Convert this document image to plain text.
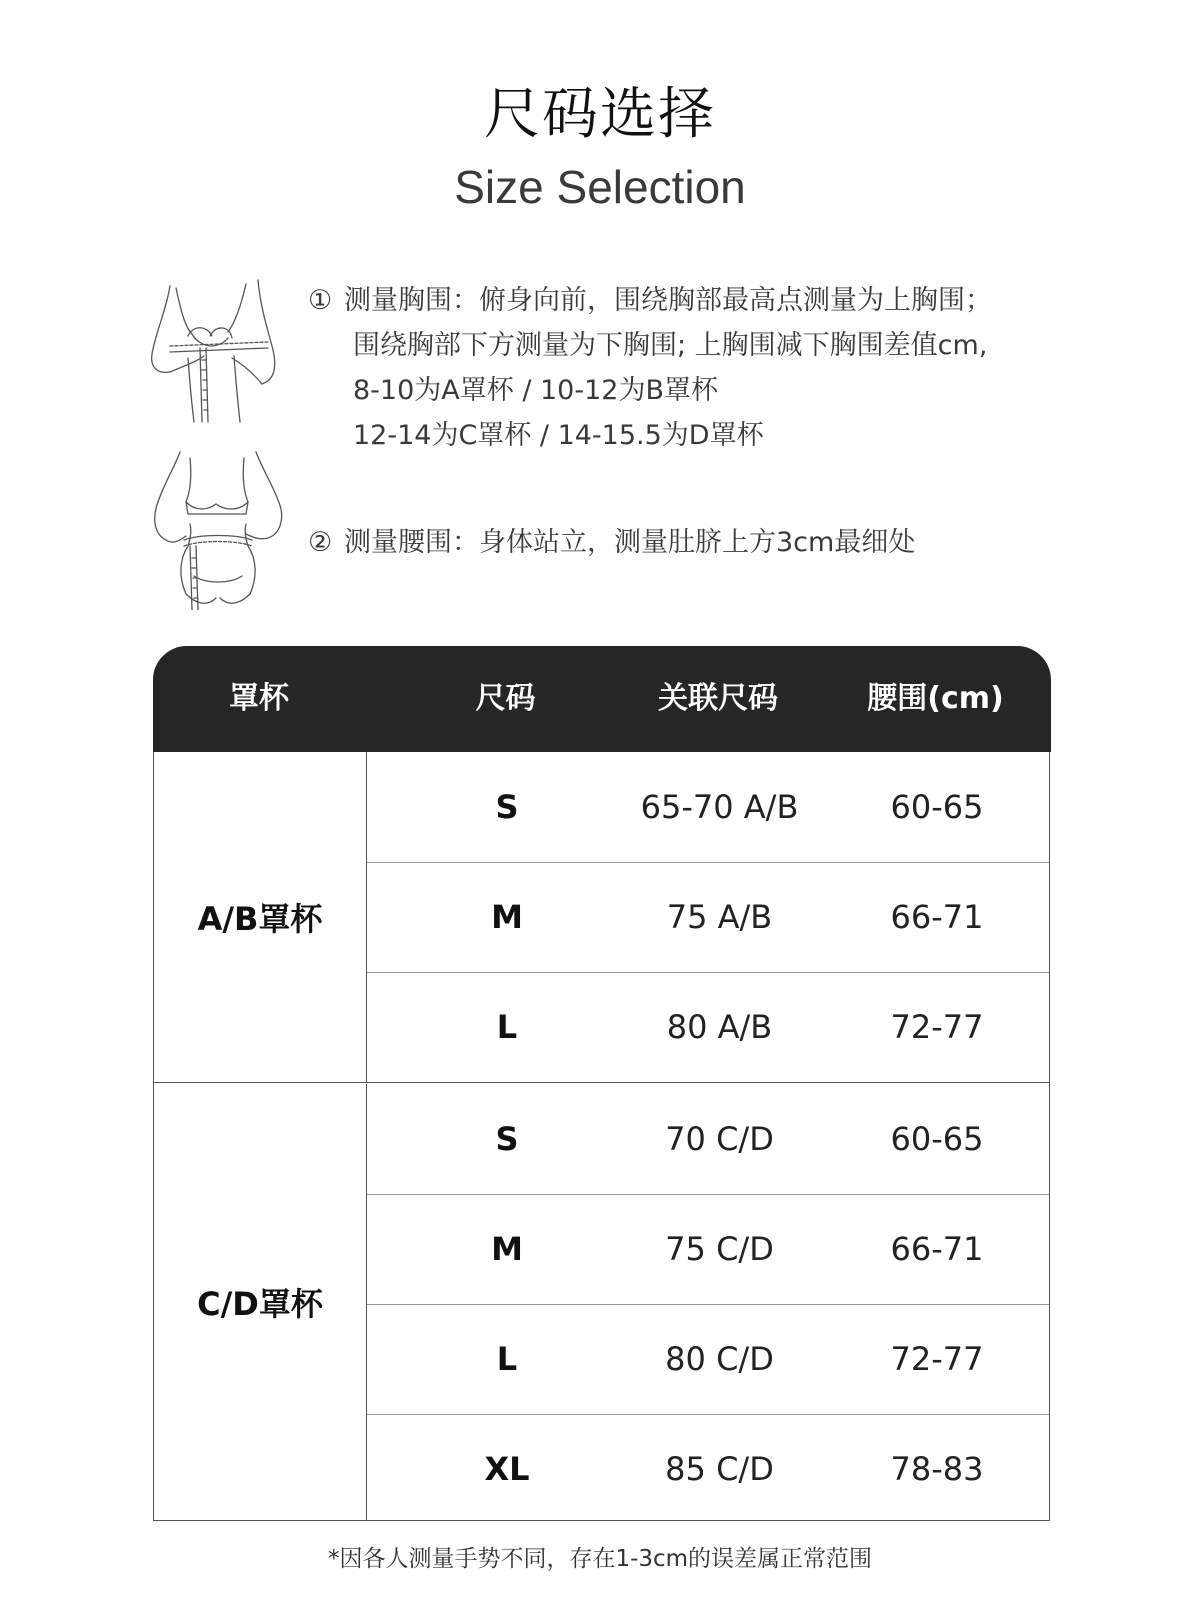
尺码选择
Size Selection
① 测量胸围：俯身向前，围绕胸部最高点测量为上胸围；
围绕胸部下方测量为下胸围; 上胸围减下胸围差值cm,
8-10为A罩杯 / 10-12为B罩杯
12-14为C罩杯 / 14-15.5为D罩杯
② 测量腰围：身体站立，测量肚脐上方3cm最细处
罩杯	尺码	关联尺码	腰围(cm)
A/B罩杯
S	65-70 A/B	60-65
M	75 A/B	66-71
L	80 A/B	72-77
C/D罩杯
S	70 C/D	60-65
M	75 C/D	66-71
L	80 C/D	72-77
XL	85 C/D	78-83
*因各人测量手势不同，存在1-3cm的误差属正常范围
